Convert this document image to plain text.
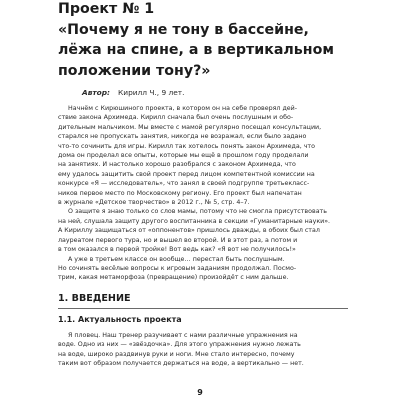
Проект № 1
«Почему я не тону в бассейне,
лёжа на спине, а в вертикальном
положении тону?»
Автор: Кирилл Ч., 9 лет.
Начнём с Кирюшиного проекта, в котором он на себе проверял дей-
ствие закона Архимеда. Кирилл сначала был очень послушным и обо-
дительным мальчиком. Мы вместе с мамой регулярно посещал консультации,
старался не пропускать занятия, никогда не возражал, если было задано
что-то сочинить для игры. Кирилл так хотелось понять закон Архимеда, что
дома он проделал все опыты, которые мы ещё в прошлом году проделали
на занятиях. И настолько хорошо разобрался с законом Архимеда, что
ему удалось защитить свой проект перед лицом компетентной комиссии на
конкурсе «Я — исследователь», что занял в своей подгруппе третьекласс-
ников первое место по Московскому региону. Его проект был напечатан
в журнале «Детское творчество» в 2012 г., № 5, стр. 4–7.
О защите я знаю только со слов мамы, потому что не смогла присутствовать
на ней, слушала защиту другого воспитанника в секции «Гуманитарные науки».
А Кириллу защищаться от «оппонентов» пришлось дважды, в обоих был стал
лауреатом первого тура, но и вышел во второй. И в этот раз, а потом и
в том оказался в первой тройке! Вот ведь как? «Я вот не получилось!»
А уже в третьем классе он вообще… перестал быть послушным.
Но сочинять весёлые вопросы к игровым заданиям продолжал. Посмо-
трим, какая метаморфоза (превращение) произойдёт с ним дальше.
1. ВВЕДЕНИЕ
1.1. Актуальность проекта
Я пловец. Наш тренер разучивает с нами различные упражнения на
воде. Одно из них — «звёздочка». Для этого упражнения нужно лежать
на воде, широко раздвинув руки и ноги. Мне стало интересно, почему
таким вот образом получается держаться на воде, а вертикально — нет.
9
